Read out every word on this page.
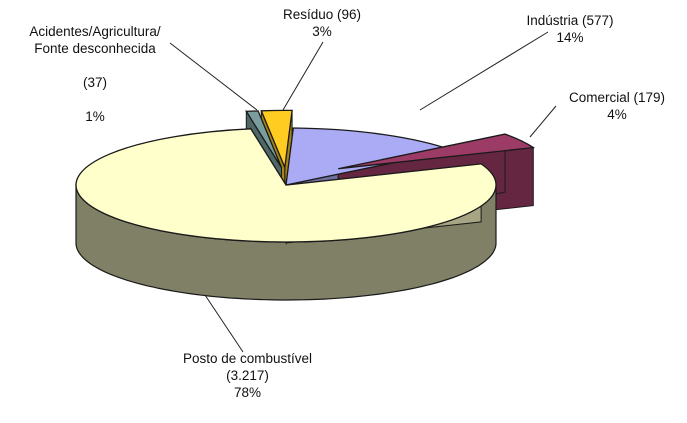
Indústria (577)
14%
Comercial (179)
4%
Posto de combustível
(3.217)
78%

Acidentes/Agricultura/
Fonte desconhecida

(37)

1%

Resíduo (96)
3%
